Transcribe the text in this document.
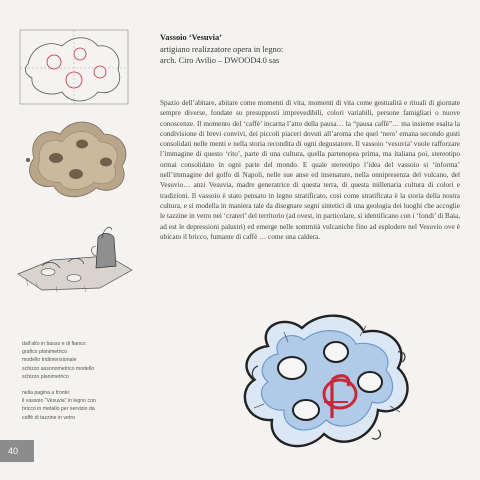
dall’alto in basso e di fianco:

grafico planimetrico

modello tridimensionale

schizzo assonometrico modello

schizzo planimetrico

nella pagina a fronte:

il vassoio “Vesuvia” in legno con

bricco in metallo per servizio da

caffè di tazzine in vetro

40

Vassoio ‘Vesuvia’

artigiano realizzatore opera in legno:

arch. Ciro Avilio – DWOOD4.0 sas

Spazio dell’abitare, abitare come momenti di vita, momenti di vita come gestualità e rituali di giornate sempre diverse, fondate su presupposti imprevedibili, colori variabili, persone famigliari o nuove conoscenze. Il momento del ‘caffè’ incarna l’atto della pausa… la “pausa caffè”… ma insieme esalta la condivisione di brevi convivi, dei piccoli piaceri dovuti all’aroma che quel ‘nero’ emana secondo gusti consolidati nelle menti e nella storia recondita di ogni degustatore. Il vassoio ‘vesuvia’ vuole rafforzare l’immagine di questo ‘rito’, parte di una cultura, quella partenopea prima, ma italiana poi, stereotipo ormai consolidato in ogni parte del mondo. E quale stereotipo l’idea del vassoio si ‘informa’ nell’immagine del golfo di Napoli, nelle sue anse ed insenature, nella onnipresenza del vulcano, del Vesuvio… anzi Vesuvia, madre generatrice di questa terra, di questa millenaria cultura di colori e tradizioni. Il vassoio è stato pensato in legno stratificato, così come stratificata è la storia della nostra cultura, e si modella in maniera tale da disegnare segni sintetici di una geologia dei luoghi che accoglie le tazzine in vetro nei ‘crateri’ del territorio (ad ovest, in particolare, si identificano con i ‘fondi’ di Baia, ad est le depressioni palustri) ed emerge nelle sommità vulcaniche fino ad esplodere nel Vesuvio ove è ubicato il bricco, fumante di caffè … come una caldera.
